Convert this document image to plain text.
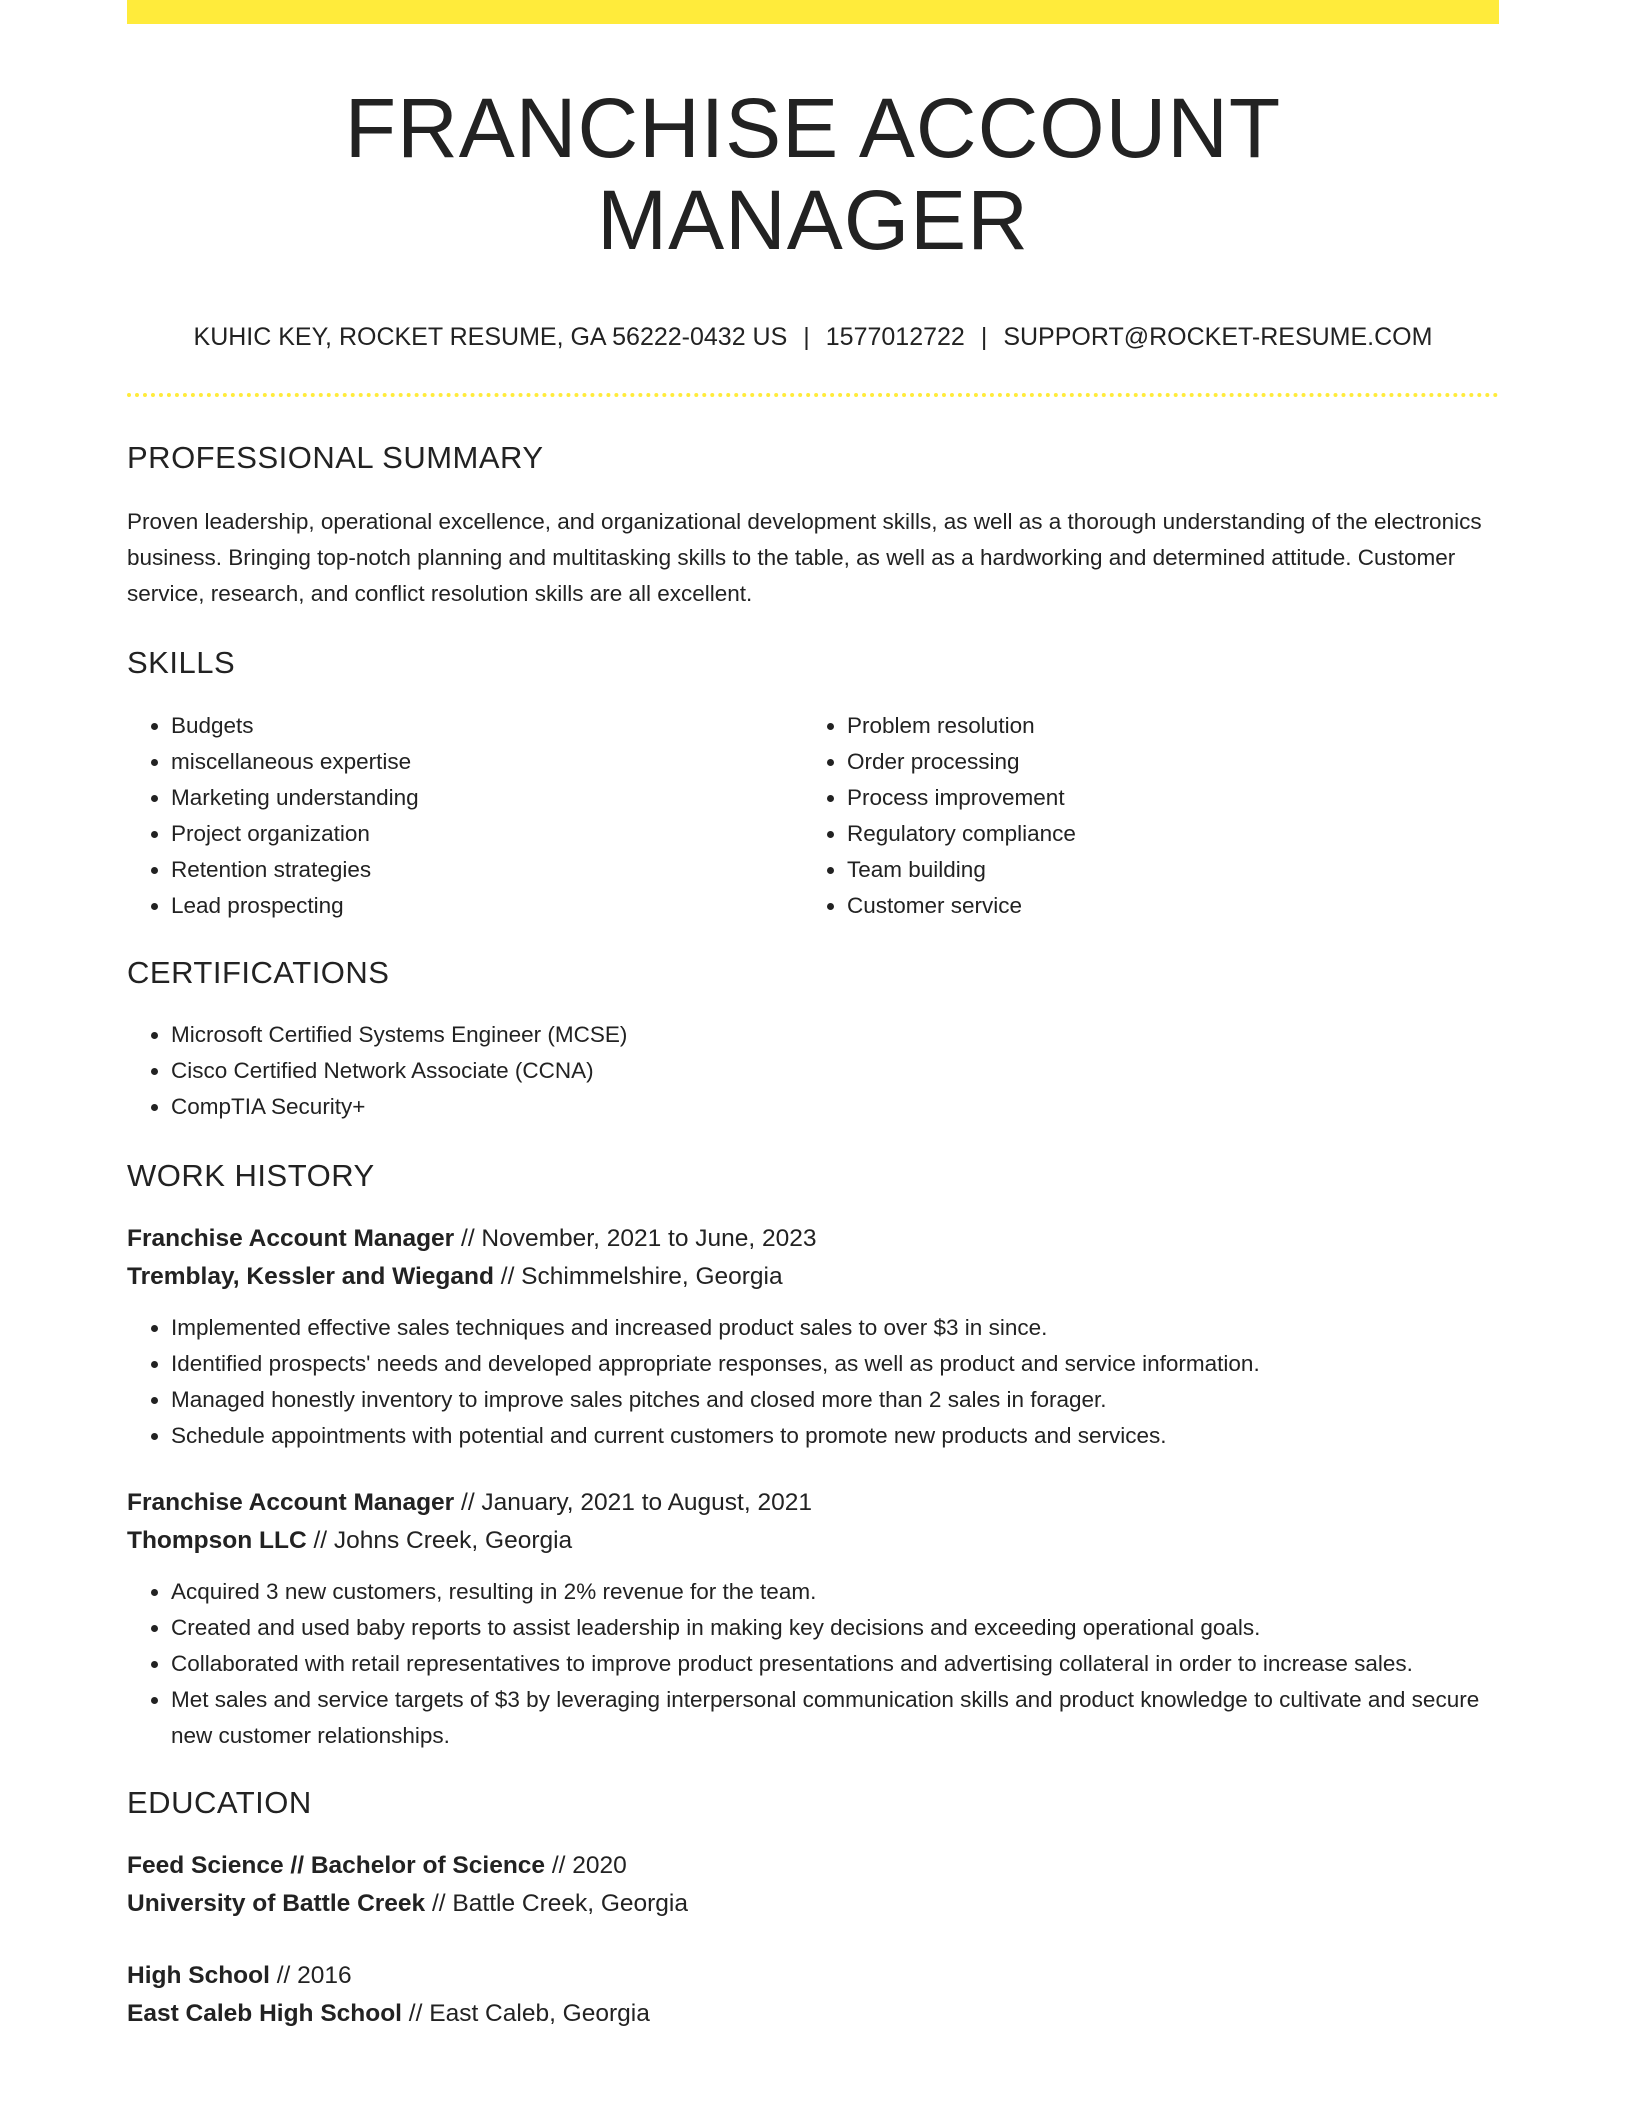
FRANCHISE ACCOUNT MANAGER
KUHIC KEY, ROCKET RESUME, GA 56222-0432 US | 1577012722 | SUPPORT@ROCKET-RESUME.COM
PROFESSIONAL SUMMARY

Proven leadership, operational excellence, and organizational development skills, as well as a thorough understanding of the electronics business. Bringing top-notch planning and multitasking skills to the table, as well as a hardworking and determined attitude. Customer service, research, and conflict resolution skills are all excellent.

SKILLS
• Budgets
• miscellaneous expertise
• Marketing understanding
• Project organization
• Retention strategies
• Lead prospecting
• Problem resolution
• Order processing
• Process improvement
• Regulatory compliance
• Team building
• Customer service
CERTIFICATIONS
• Microsoft Certified Systems Engineer (MCSE)
• Cisco Certified Network Associate (CCNA)
• CompTIA Security+
WORK HISTORY
Franchise Account Manager // November, 2021 to June, 2023
Tremblay, Kessler and Wiegand // Schimmelshire, Georgia
• Implemented effective sales techniques and increased product sales to over $3 in since.
• Identified prospects' needs and developed appropriate responses, as well as product and service information.
• Managed honestly inventory to improve sales pitches and closed more than 2 sales in forager.
• Schedule appointments with potential and current customers to promote new products and services.
Franchise Account Manager // January, 2021 to August, 2021
Thompson LLC // Johns Creek, Georgia
• Acquired 3 new customers, resulting in 2% revenue for the team.
• Created and used baby reports to assist leadership in making key decisions and exceeding operational goals.
• Collaborated with retail representatives to improve product presentations and advertising collateral in order to increase sales.
• Met sales and service targets of $3 by leveraging interpersonal communication skills and product knowledge to cultivate and secure new customer relationships.
EDUCATION
Feed Science // Bachelor of Science // 2020
University of Battle Creek // Battle Creek, Georgia
High School // 2016
East Caleb High School // East Caleb, Georgia
